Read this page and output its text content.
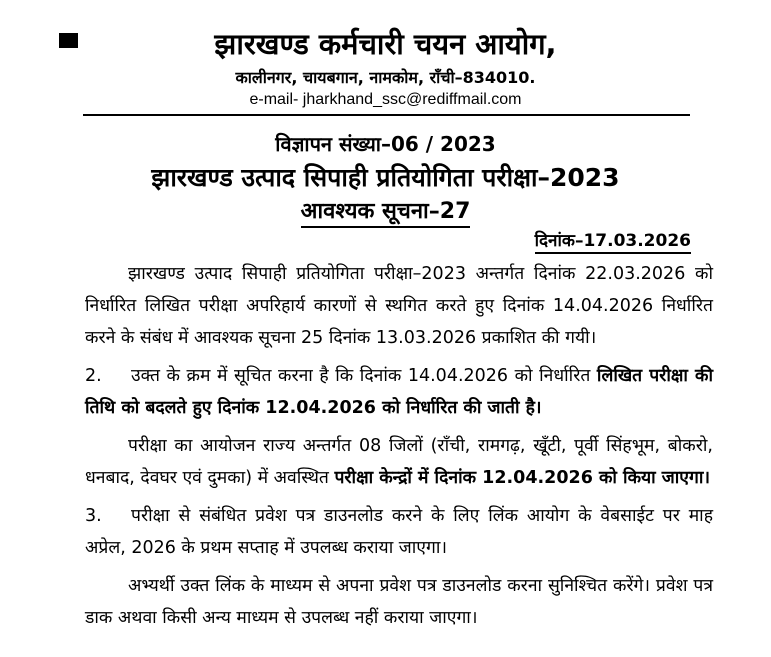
झारखण्ड कर्मचारी चयन आयोग,
कालीनगर, चायबगान, नामकोम, राँची–834010.
e-mail- jharkhand_ssc@rediffmail.com
विज्ञापन संख्या–06 / 2023
झारखण्ड उत्पाद सिपाही प्रतियोगिता परीक्षा–2023
आवश्यक सूचना–27
दिनांक–17.03.2026

झारखण्ड उत्पाद सिपाही प्रतियोगिता परीक्षा–2023 अन्तर्गत दिनांक 22.03.2026 को निर्धारित लिखित परीक्षा अपरिहार्य कारणों से स्थगित करते हुए दिनांक 14.04.2026 निर्धारित करने के संबंध में आवश्यक सूचना 25 दिनांक 13.03.2026 प्रकाशित की गयी।

2. उक्त के क्रम में सूचित करना है कि दिनांक 14.04.2026 को निर्धारित लिखित परीक्षा की तिथि को बदलते हुए दिनांक 12.04.2026 को निर्धारित की जाती है।

परीक्षा का आयोजन राज्य अन्तर्गत 08 जिलों (राँची, रामगढ़, खूँटी, पूर्वी सिंहभूम, बोकरो, धनबाद, देवघर एवं दुमका) में अवस्थित परीक्षा केन्द्रों में दिनांक 12.04.2026 को किया जाएगा।

3. परीक्षा से संबंधित प्रवेश पत्र डाउनलोड करने के लिए लिंक आयोग के वेबसाईट पर माह अप्रेल, 2026 के प्रथम सप्ताह में उपलब्ध कराया जाएगा।

अभ्यर्थी उक्त लिंक के माध्यम से अपना प्रवेश पत्र डाउनलोड करना सुनिश्चित करेंगे। प्रवेश पत्र डाक अथवा किसी अन्य माध्यम से उपलब्ध नहीं कराया जाएगा।
